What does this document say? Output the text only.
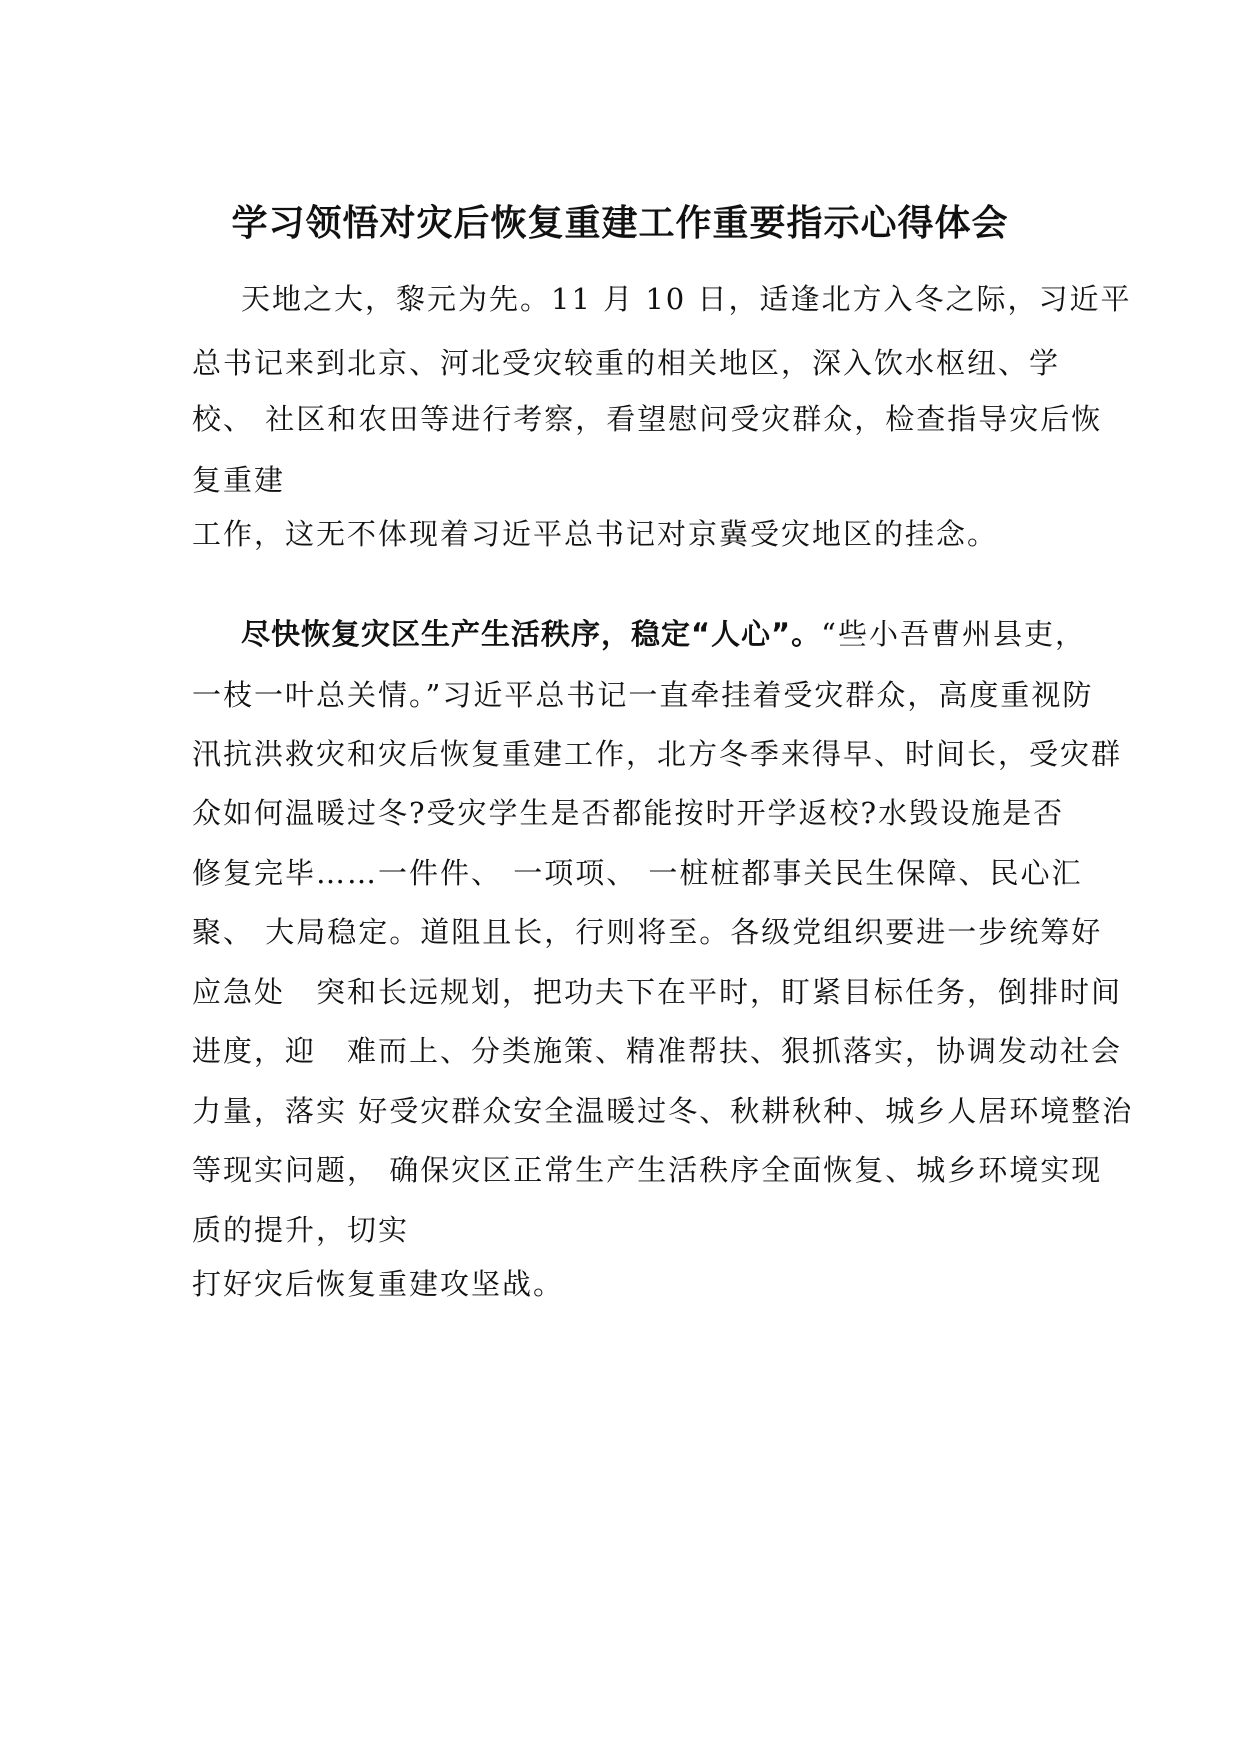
学习领悟对灾后恢复重建工作重要指示心得体会
天地之大，黎元为先。11 月 10 日，适逢北方入冬之际，习近平
总书记来到北京、河北受灾较重的相关地区，深入饮水枢纽、学
校、 社区和农田等进行考察，看望慰问受灾群众，检查指导灾后恢
复重建
工作，这无不体现着习近平总书记对京冀受灾地区的挂念。
尽快恢复灾区生产生活秩序，稳定“人心”。“些小吾曹州县吏，
一枝一叶总关情。”习近平总书记一直牵挂着受灾群众，高度重视防
汛抗洪救灾和灾后恢复重建工作，北方冬季来得早、时间长，受灾群
众如何温暖过冬?受灾学生是否都能按时开学返校?水毁设施是否
修复完毕……一件件、 一项项、 一桩桩都事关民生保障、民心汇
聚、 大局稳定。道阻且长，行则将至。各级党组织要进一步统筹好
应急处　突和长远规划，把功夫下在平时，盯紧目标任务，倒排时间
进度，迎　难而上、分类施策、精准帮扶、狠抓落实，协调发动社会
力量，落实 好受灾群众安全温暖过冬、秋耕秋种、城乡人居环境整治
等现实问题， 确保灾区正常生产生活秩序全面恢复、城乡环境实现
质的提升，切实
打好灾后恢复重建攻坚战。
